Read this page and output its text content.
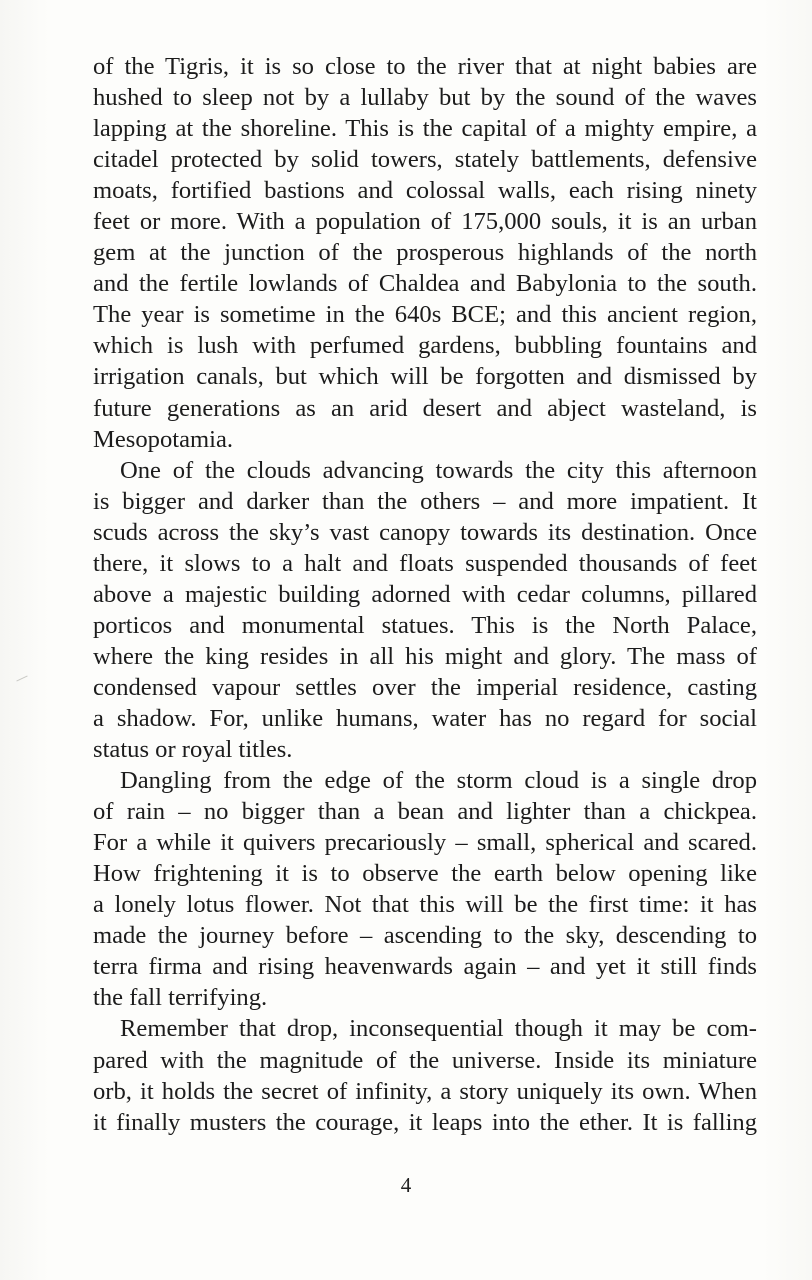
of the Tigris, it is so close to the river that at night babies are
hushed to sleep not by a lullaby but by the sound of the waves
lapping at the shoreline. This is the capital of a mighty empire, a
citadel protected by solid towers, stately battlements, defensive
moats, fortified bastions and colossal walls, each rising ninety
feet or more. With a population of 175,000 souls, it is an urban
gem at the junction of the prosperous highlands of the north
and the fertile lowlands of Chaldea and Babylonia to the south.
The year is sometime in the 640s BCE; and this ancient region,
which is lush with perfumed gardens, bubbling fountains and
irrigation canals, but which will be forgotten and dismissed by
future generations as an arid desert and abject wasteland, is
Mesopotamia.

One of the clouds advancing towards the city this afternoon
is bigger and darker than the others – and more impatient. It
scuds across the sky’s vast canopy towards its destination. Once
there, it slows to a halt and floats suspended thousands of feet
above a majestic building adorned with cedar columns, pillared
porticos and monumental statues. This is the North Palace,
where the king resides in all his might and glory. The mass of
condensed vapour settles over the imperial residence, casting
a shadow. For, unlike humans, water has no regard for social
status or royal titles.

Dangling from the edge of the storm cloud is a single drop
of rain – no bigger than a bean and lighter than a chickpea.
For a while it quivers precariously – small, spherical and scared.
How frightening it is to observe the earth below opening like
a lonely lotus flower. Not that this will be the first time: it has
made the journey before – ascending to the sky, descending to
terra firma and rising heavenwards again – and yet it still finds
the fall terrifying.

Remember that drop, inconsequential though it may be com-
pared with the magnitude of the universe. Inside its miniature
orb, it holds the secret of infinity, a story uniquely its own. When
it finally musters the courage, it leaps into the ether. It is falling

4
